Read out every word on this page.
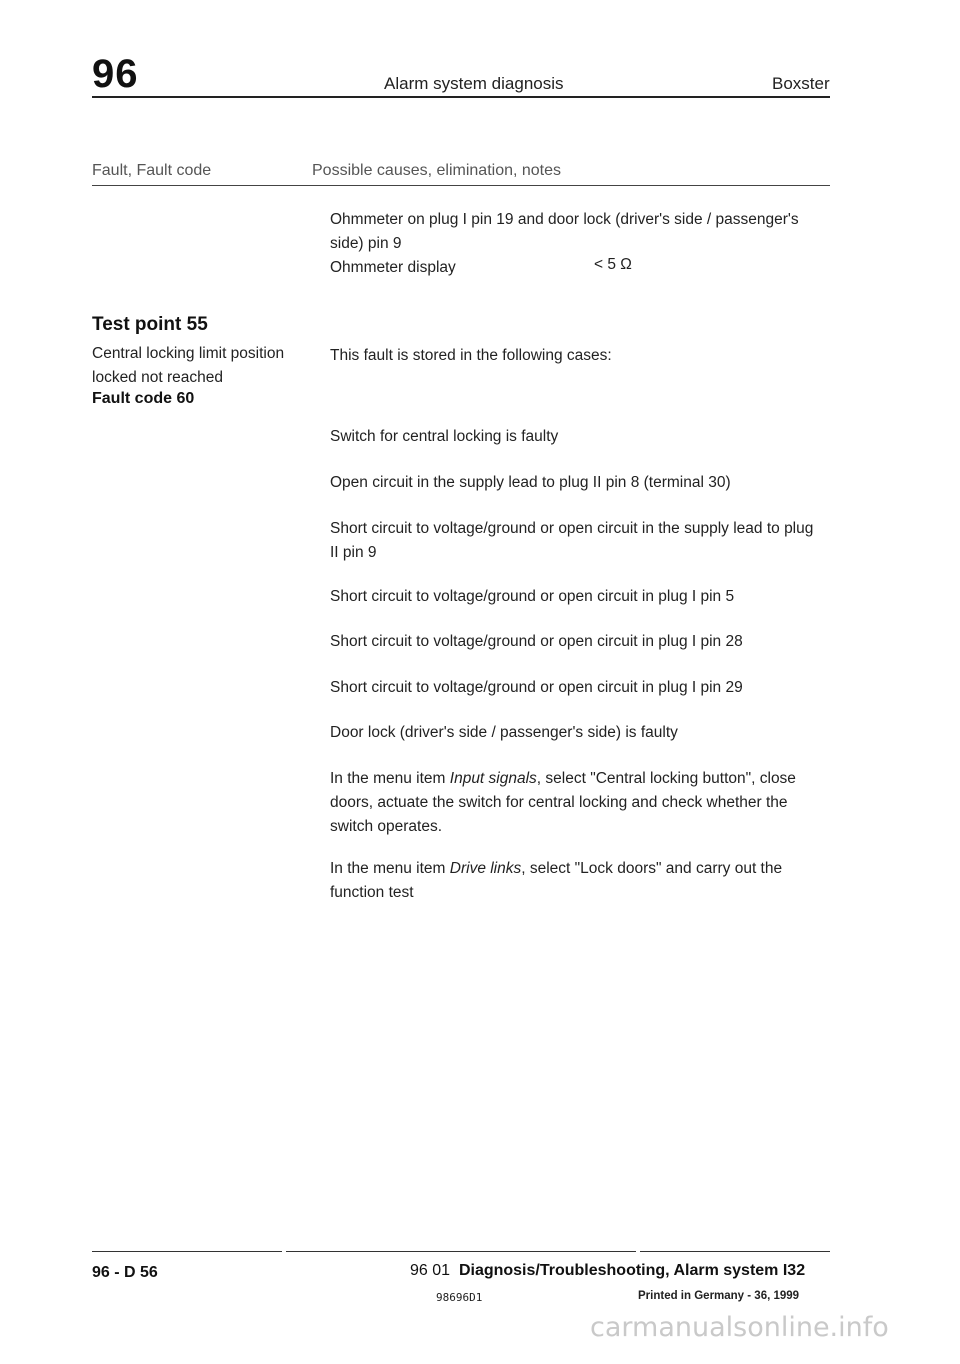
96	Alarm system diagnosis	Boxster
Fault, Fault code	Possible causes, elimination, notes
Ohmmeter on plug I pin 19 and door lock (driver's side / passenger's
side) pin 9
Ohmmeter display	< 5 Ω
Test point 55
Central locking limit position
locked not reached
Fault code 60
This fault is stored in the following cases:
Switch for central locking is faulty
Open circuit in the supply lead to plug II pin 8 (terminal 30)
Short circuit to voltage/ground or open circuit in the supply lead to plug
II pin 9
Short circuit to voltage/ground or open circuit in plug I pin 5
Short circuit to voltage/ground or open circuit in plug I pin 28
Short circuit to voltage/ground or open circuit in plug I pin 29
Door lock (driver's side / passenger's side) is faulty
In the menu item Input signals, select "Central locking button", close
doors, actuate the switch for central locking and check whether the
switch operates.
In the menu item Drive links, select "Lock doors" and carry out the
function test
96 - D 56	96 01 Diagnosis/Troubleshooting, Alarm system I32
98696D1	Printed in Germany - 36, 1999
carmanualsonline.info
